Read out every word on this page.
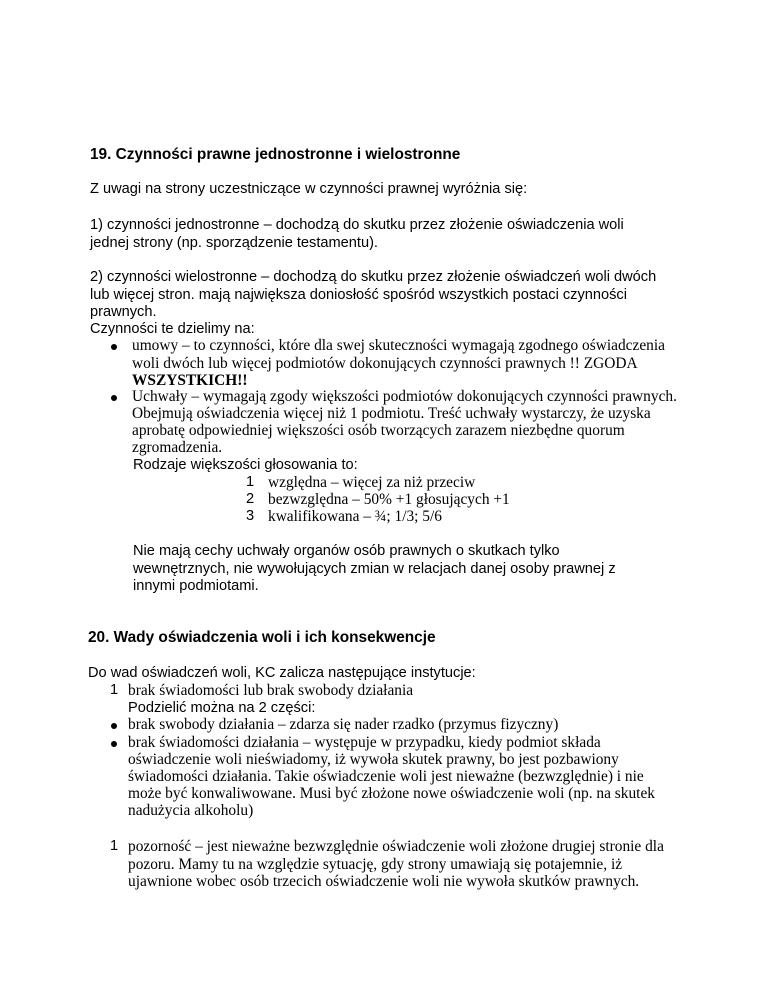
19. Czynności prawne jednostronne i wielostronne
Z uwagi na strony uczestniczące w czynności prawnej wyróżnia się:
1) czynności jednostronne – dochodzą do skutku przez złożenie oświadczenia woli
jednej strony (np. sporządzenie testamentu).
2) czynności wielostronne – dochodzą do skutku przez złożenie oświadczeń woli dwóch
lub więcej stron. mają największa doniosłość spośród wszystkich postaci czynności
prawnych.
Czynności te dzielimy na:
umowy – to czynności, które dla swej skuteczności wymagają zgodnego oświadczenia
woli dwóch lub więcej podmiotów dokonujących czynności prawnych !! ZGODA
WSZYSTKICH!!
Uchwały – wymagają zgody większości podmiotów dokonujących czynności prawnych.
Obejmują oświadczenia więcej niż 1 podmiotu. Treść uchwały wystarczy, że uzyska
aprobatę odpowiedniej większości osób tworzących zarazem niezbędne quorum
zgromadzenia.
Rodzaje większości głosowania to:
1 względna – więcej za niż przeciw
2 bezwzględna – 50% +1 głosujących +1
3 kwalifikowana – ¾; 1/3; 5/6
Nie mają cechy uchwały organów osób prawnych o skutkach tylko
wewnętrznych, nie wywołujących zmian w relacjach danej osoby prawnej z
innymi podmiotami.
20. Wady oświadczenia woli i ich konsekwencje
Do wad oświadczeń woli, KC zalicza następujące instytucje:
1 brak świadomości lub brak swobody działania
Podzielić można na 2 części:
brak swobody działania – zdarza się nader rzadko (przymus fizyczny)
brak świadomości działania – występuje w przypadku, kiedy podmiot składa
oświadczenie woli nieświadomy, iż wywoła skutek prawny, bo jest pozbawiony
świadomości działania. Takie oświadczenie woli jest nieważne (bezwzględnie) i nie
może być konwaliwowane. Musi być złożone nowe oświadczenie woli (np. na skutek
nadużycia alkoholu)
1 pozorność – jest nieważne bezwzględnie oświadczenie woli złożone drugiej stronie dla
pozoru. Mamy tu na względzie sytuację, gdy strony umawiają się potajemnie, iż
ujawnione wobec osób trzecich oświadczenie woli nie wywoła skutków prawnych.
